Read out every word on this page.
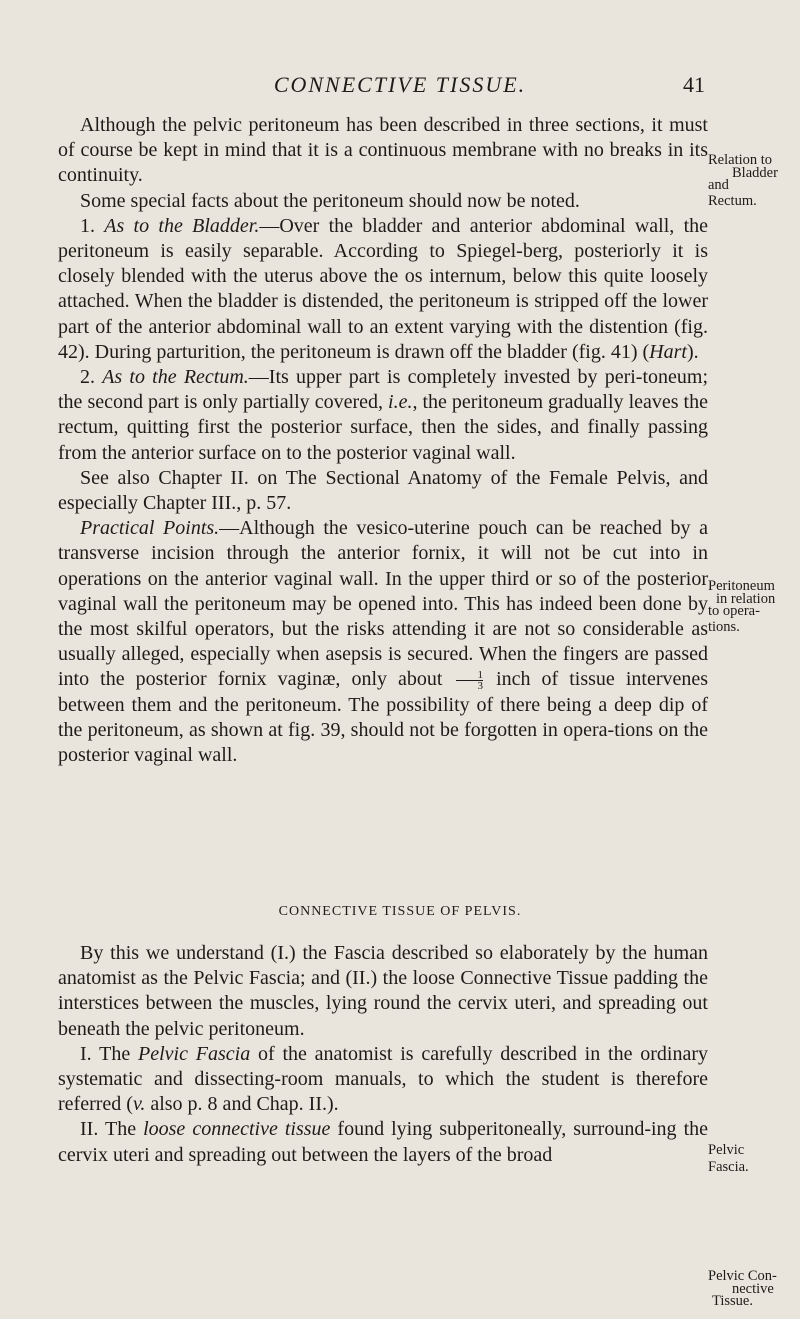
CONNECTIVE TISSUE.	41

Although the pelvic peritoneum has been described in three sections, it must of course be kept in mind that it is a continuous membrane with no breaks in its continuity.

Some special facts about the peritoneum should now be noted.

1. As to the Bladder.—Over the bladder and anterior abdominal wall, the peritoneum is easily separable. According to Spiegel-berg, posteriorly it is closely blended with the uterus above the os internum, below this quite loosely attached. When the bladder is distended, the peritoneum is stripped off the lower part of the anterior abdominal wall to an extent varying with the distention (fig. 42). During parturition, the peritoneum is drawn off the bladder (fig. 41) (Hart).

2. As to the Rectum.—Its upper part is completely invested by peri-toneum; the second part is only partially covered, i.e., the peritoneum gradually leaves the rectum, quitting first the posterior surface, then the sides, and finally passing from the anterior surface on to the posterior vaginal wall.

See also Chapter II. on The Sectional Anatomy of the Female Pelvis, and especially Chapter III., p. 57.

Practical Points.—Although the vesico-uterine pouch can be reached by a transverse incision through the anterior fornix, it will not be cut into in operations on the anterior vaginal wall. In the upper third or so of the posterior vaginal wall the peritoneum may be opened into. This has indeed been done by the most skilful operators, but the risks attending it are not so considerable as usually alleged, especially when asepsis is secured. When the fingers are passed into the posterior fornix vaginæ, only about $\frac{1}{3}$ inch of tissue intervenes between them and the peritoneum. The possibility of there being a deep dip of the peritoneum, as shown at fig. 39, should not be forgotten in opera-tions on the posterior vaginal wall.

Relation to
Bladder
and
Rectum.
Peritoneum
in relation
to opera-
tions.
CONNECTIVE TISSUE OF PELVIS.

By this we understand (I.) the Fascia described so elaborately by the human anatomist as the Pelvic Fascia; and (II.) the loose Connective Tissue padding the interstices between the muscles, lying round the cervix uteri, and spreading out beneath the pelvic peritoneum.

I. The Pelvic Fascia of the anatomist is carefully described in the ordinary systematic and dissecting-room manuals, to which the student is therefore referred (v. also p. 8 and Chap. II.).

II. The loose connective tissue found lying subperitoneally, surround-ing the cervix uteri and spreading out between the layers of the broad	Pelvic
Fascia.
Pelvic Con-
nective
Tissue.
